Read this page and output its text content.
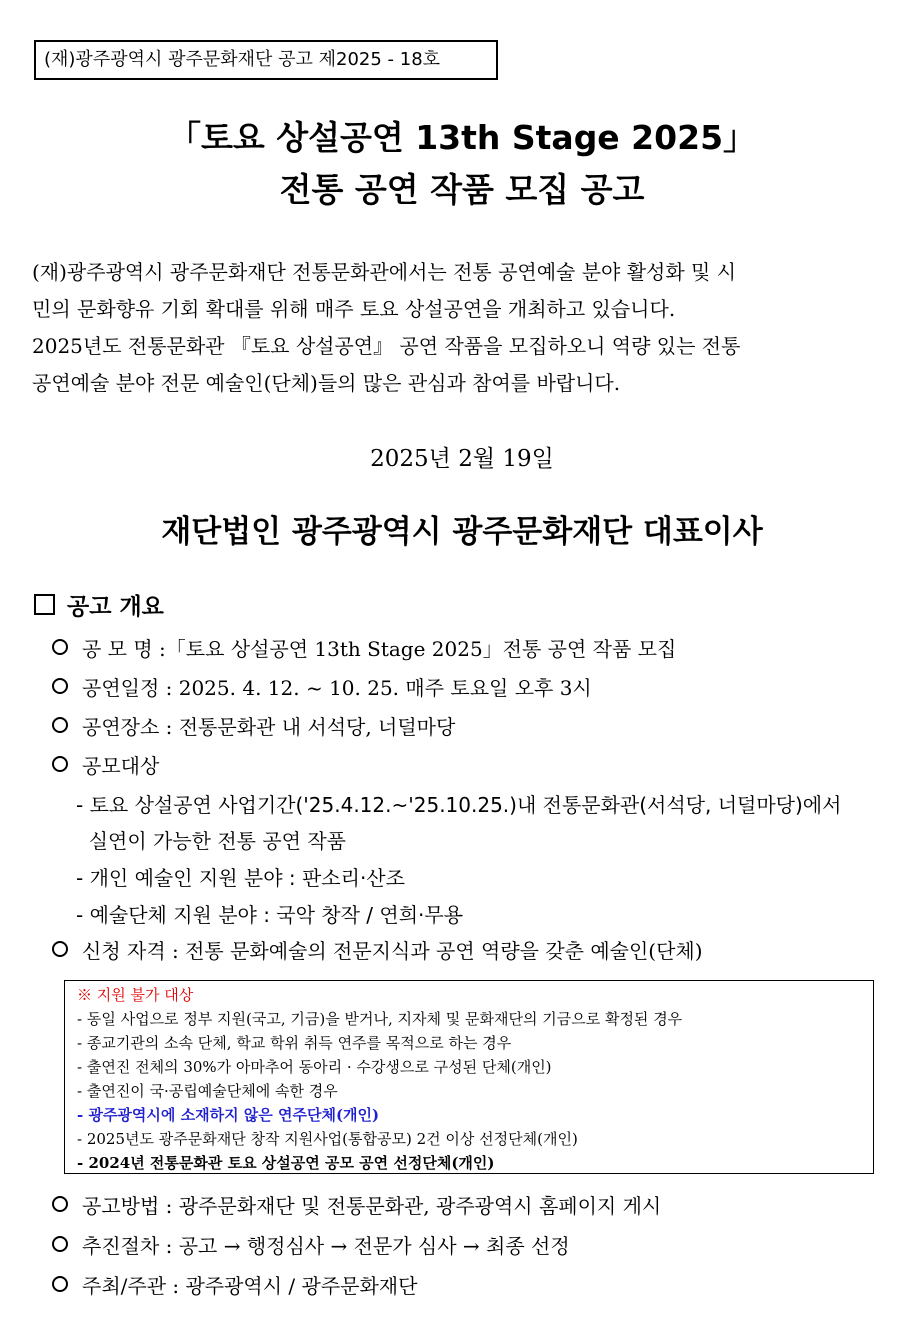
(재)광주광역시 광주문화재단 공고 제2025 - 18호
「토요 상설공연 13th Stage 2025」
전통 공연 작품 모집 공고
(재)광주광역시 광주문화재단 전통문화관에서는 전통 공연예술 분야 활성화 및 시
민의 문화향유 기회 확대를 위해 매주 토요 상설공연을 개최하고 있습니다.
2025년도 전통문화관 『토요 상설공연』 공연 작품을 모집하오니 역량 있는 전통
공연예술 분야 전문 예술인(단체)들의 많은 관심과 참여를 바랍니다.
2025년 2월 19일
재단법인 광주광역시 광주문화재단 대표이사
공고 개요
공 모 명 :「토요 상설공연 13th Stage 2025」전통 공연 작품 모집
공연일정 : 2025. 4. 12. ~ 10. 25. 매주 토요일 오후 3시
공연장소 : 전통문화관 내 서석당, 너덜마당
공모대상
- 토요 상설공연 사업기간('25.4.12.~'25.10.25.)내 전통문화관(서석당, 너덜마당)에서
실연이 가능한 전통 공연 작품
- 개인 예술인 지원 분야 : 판소리·산조
- 예술단체 지원 분야 : 국악 창작 / 연희·무용
신청 자격 : 전통 문화예술의 전문지식과 공연 역량을 갖춘 예술인(단체)
※ 지원 불가 대상
- 동일 사업으로 정부 지원(국고, 기금)을 받거나, 지자체 및 문화재단의 기금으로 확정된 경우
- 종교기관의 소속 단체, 학교 학위 취득 연주를 목적으로 하는 경우
- 출연진 전체의 30%가 아마추어 동아리 · 수강생으로 구성된 단체(개인)
- 출연진이 국·공립예술단체에 속한 경우
- 광주광역시에 소재하지 않은 연주단체(개인)
- 2025년도 광주문화재단 창작 지원사업(통합공모) 2건 이상 선정단체(개인)
- 2024년 전통문화관 토요 상설공연 공모 공연 선정단체(개인)
공고방법 : 광주문화재단 및 전통문화관, 광주광역시 홈페이지 게시
추진절차 : 공고 → 행정심사 → 전문가 심사 → 최종 선정
주최/주관 : 광주광역시 / 광주문화재단
